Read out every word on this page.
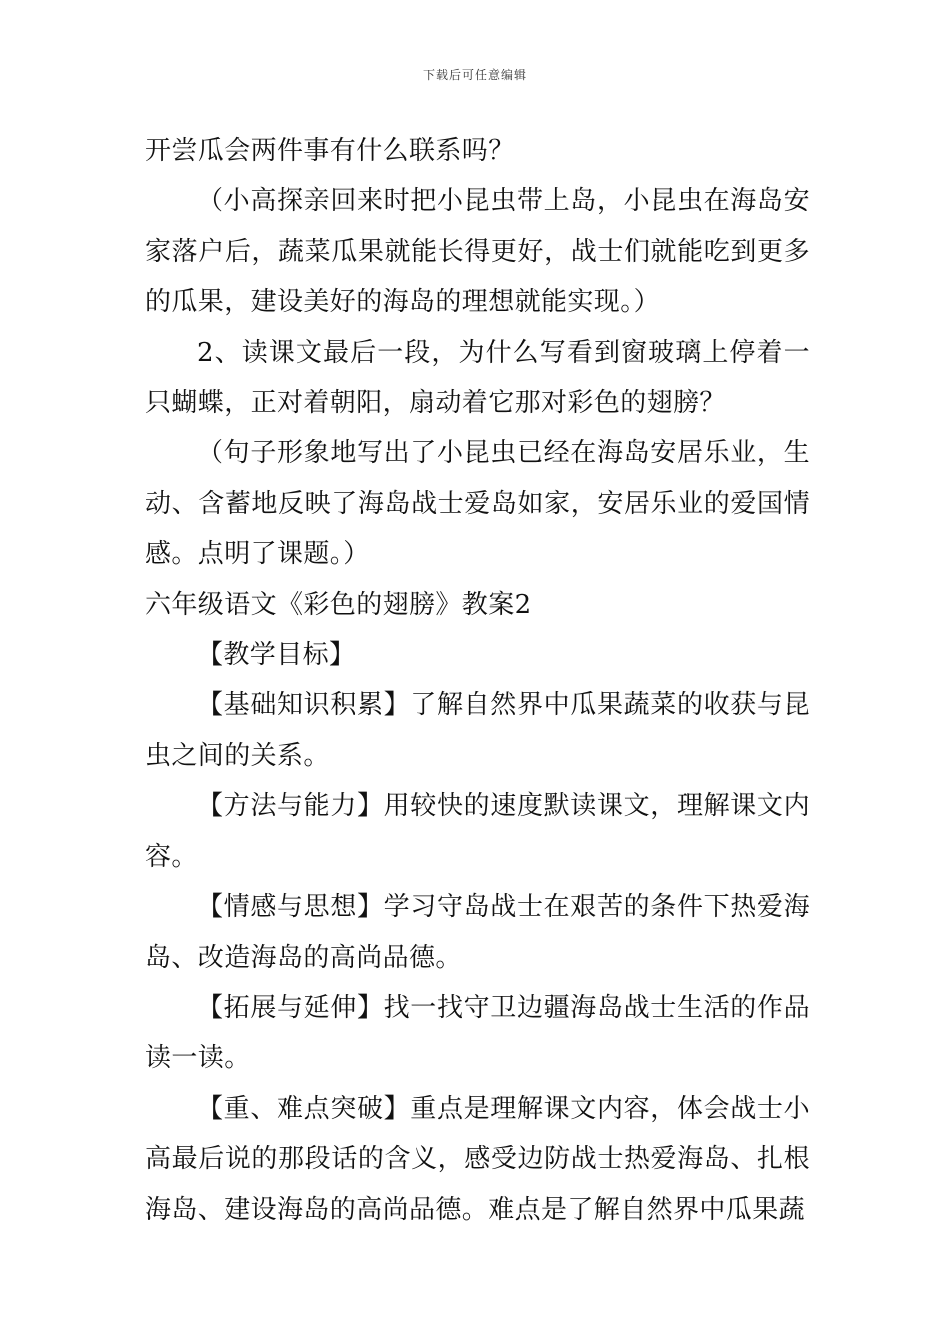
下载后可任意编辑

开尝瓜会两件事有什么联系吗？

（小高探亲回来时把小昆虫带上岛，小昆虫在海岛安家落户后，蔬菜瓜果就能长得更好，战士们就能吃到更多的瓜果，建设美好的海岛的理想就能实现。）

2、读课文最后一段，为什么写看到窗玻璃上停着一只蝴蝶，正对着朝阳，扇动着它那对彩色的翅膀？

（句子形象地写出了小昆虫已经在海岛安居乐业，生动、含蓄地反映了海岛战士爱岛如家，安居乐业的爱国情感。点明了课题。）

六年级语文《彩色的翅膀》教案2

【教学目标】

【基础知识积累】了解自然界中瓜果蔬菜的收获与昆虫之间的关系。

【方法与能力】用较快的速度默读课文，理解课文内容。

【情感与思想】学习守岛战士在艰苦的条件下热爱海岛、改造海岛的高尚品德。

【拓展与延伸】找一找守卫边疆海岛战士生活的作品读一读。

【重、难点突破】重点是理解课文内容，体会战士小高最后说的那段话的含义，感受边防战士热爱海岛、扎根海岛、建设海岛的高尚品德。难点是了解自然界中瓜果蔬
